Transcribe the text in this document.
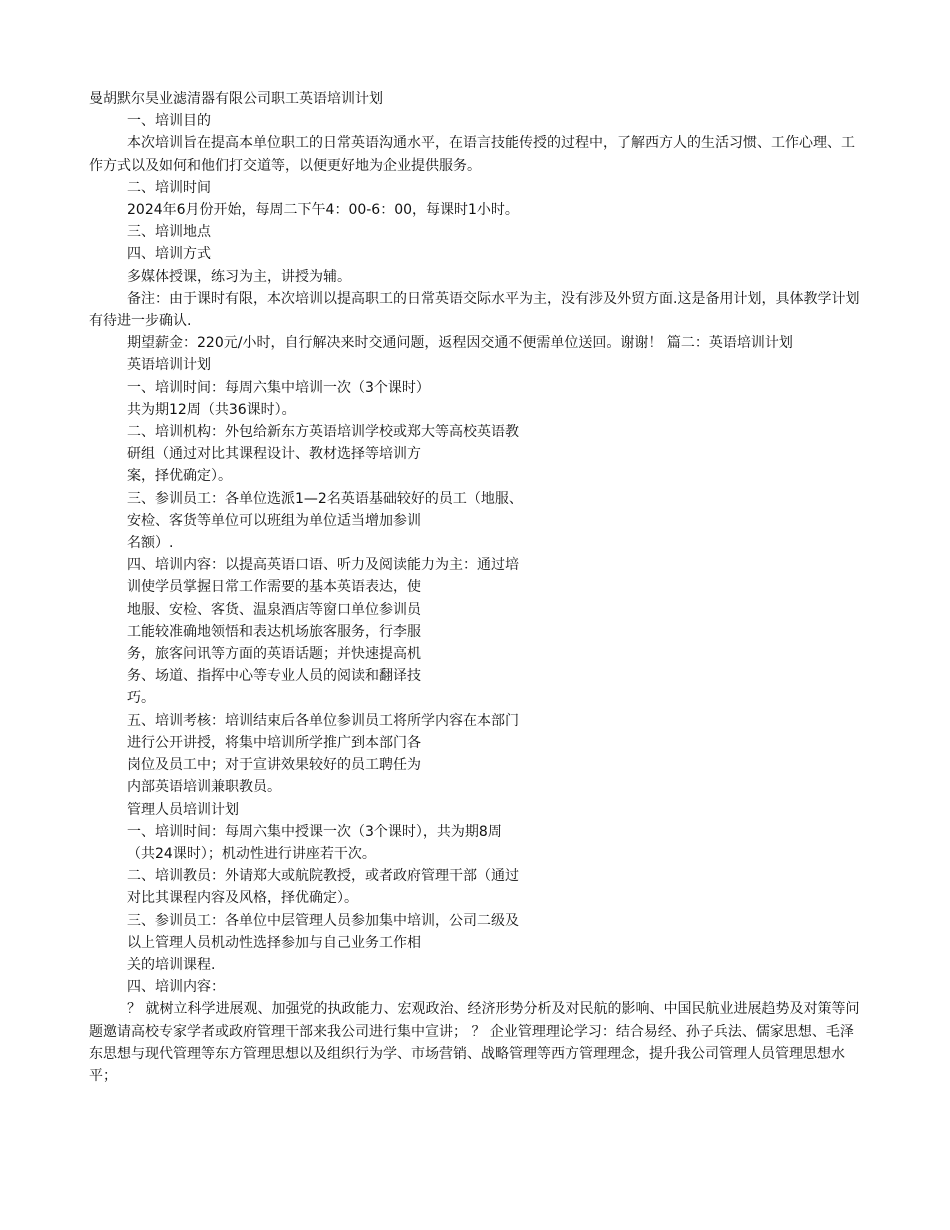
曼胡默尔昊业滤清器有限公司职工英语培训计划

一、培训目的

本次培训旨在提高本单位职工的日常英语沟通水平，在语言技能传授的过程中，了解西方人的生活习惯、工作心理、工作方式以及如何和他们打交道等，以便更好地为企业提供服务。

二、培训时间

2024年6月份开始，每周二下午4：00-6：00，每课时1小时。

三、培训地点

四、培训方式

多媒体授课，练习为主，讲授为辅。

备注：由于课时有限，本次培训以提高职工的日常英语交际水平为主，没有涉及外贸方面.这是备用计划，具体教学计划有待进一步确认.

期望薪金：220元/小时，自行解决来时交通问题，返程因交通不便需单位送回。谢谢！ 篇二：英语培训计划

英语培训计划

一、培训时间：每周六集中培训一次（3个课时）

共为期12周（共36课时）。

二、培训机构：外包给新东方英语培训学校或郑大等高校英语教

研组（通过对比其课程设计、教材选择等培训方

案，择优确定）。

三、参训员工：各单位选派1—2名英语基础较好的员工（地服、

安检、客货等单位可以班组为单位适当增加参训

名额）.

四、培训内容：以提高英语口语、听力及阅读能力为主：通过培

训使学员掌握日常工作需要的基本英语表达，使

地服、安检、客货、温泉酒店等窗口单位参训员

工能较准确地领悟和表达机场旅客服务，行李服

务，旅客问讯等方面的英语话题；并快速提高机

务、场道、指挥中心等专业人员的阅读和翻译技

巧。

五、培训考核：培训结束后各单位参训员工将所学内容在本部门

进行公开讲授，将集中培训所学推广到本部门各

岗位及员工中；对于宣讲效果较好的员工聘任为

内部英语培训兼职教员。

管理人员培训计划

一、培训时间：每周六集中授课一次（3个课时），共为期8周

（共24课时）；机动性进行讲座若干次。

二、培训教员：外请郑大或航院教授，或者政府管理干部（通过

对比其课程内容及风格，择优确定）。

三、参训员工：各单位中层管理人员参加集中培训，公司二级及

以上管理人员机动性选择参加与自己业务工作相

关的培训课程.

四、培训内容：

？ 就树立科学进展观、加强党的执政能力、宏观政治、经济形势分析及对民航的影响、中国民航业进展趋势及对策等问题邀请高校专家学者或政府管理干部来我公司进行集中宣讲； ？ 企业管理理论学习：结合易经、孙子兵法、儒家思想、毛泽东思想与现代管理等东方管理思想以及组织行为学、市场营销、战略管理等西方管理理念，提升我公司管理人员管理思想水平；
